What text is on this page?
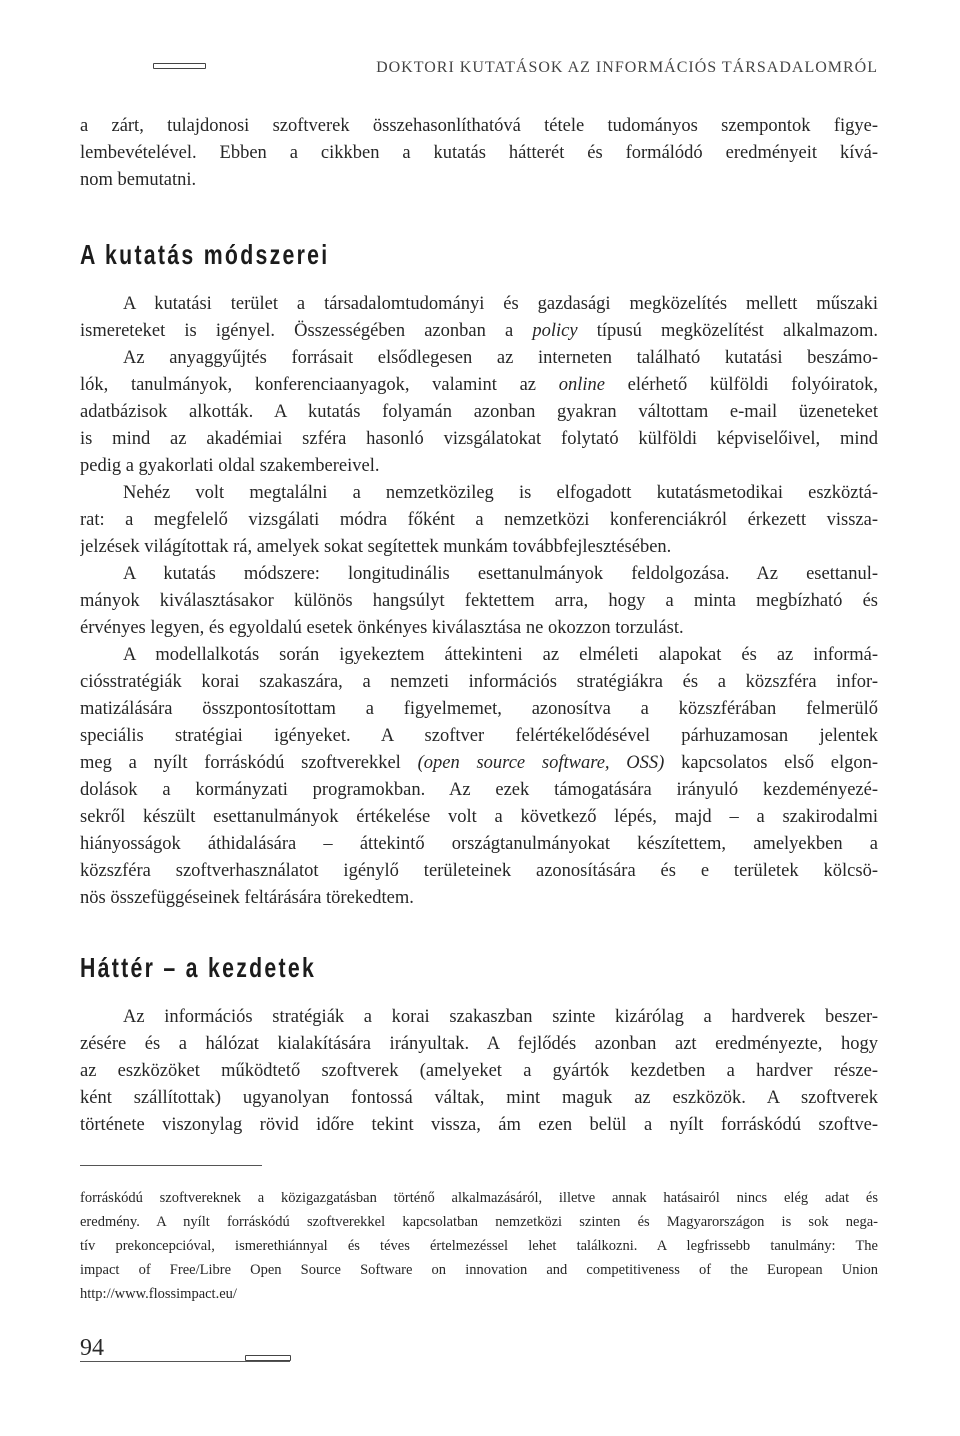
DOKTORI KUTATÁSOK AZ INFORMÁCIÓS TÁRSADALOMRÓL
a zárt, tulajdonosi szoftverek összehasonlíthatóvá tétele tudományos szempontok figye-
lembevételével. Ebben a cikkben a kutatás hátterét és formálódó eredményeit kívá-
nom bemutatni.
A kutatás módszerei
A kutatási terület a társadalomtudományi és gazdasági megközelítés mellett műszaki
ismereteket is igényel. Összességében azonban a policy típusú megközelítést alkalmazom.
Az anyaggyűjtés forrásait elsődlegesen az interneten található kutatási beszámo-
lók, tanulmányok, konferenciaanyagok, valamint az online elérhető külföldi folyóiratok,
adatbázisok alkották. A kutatás folyamán azonban gyakran váltottam e-mail üzeneteket
is mind az akadémiai szféra hasonló vizsgálatokat folytató külföldi képviselőivel, mind
pedig a gyakorlati oldal szakembereivel.
Nehéz volt megtalálni a nemzetközileg is elfogadott kutatásmetodikai eszköztá-
rat: a megfelelő vizsgálati módra főként a nemzetközi konferenciákról érkezett vissza-
jelzések világítottak rá, amelyek sokat segítettek munkám továbbfejlesztésében.
A kutatás módszere: longitudinális esettanulmányok feldolgozása. Az esettanul-
mányok kiválasztásakor különös hangsúlyt fektettem arra, hogy a minta megbízható és
érvényes legyen, és egyoldalú esetek önkényes kiválasztása ne okozzon torzulást.
A modellalkotás során igyekeztem áttekinteni az elméleti alapokat és az informá-
ciósstratégiák korai szakaszára, a nemzeti információs stratégiákra és a közszféra infor-
matizálására összpontosítottam a figyelmemet, azonosítva a közszférában felmerülő
speciális stratégiai igényeket. A szoftver felértékelődésével párhuzamosan jelentek
meg a nyílt forráskódú szoftverekkel (open source software, OSS) kapcsolatos első elgon-
dolások a kormányzati programokban. Az ezek támogatására irányuló kezdeményezé-
sekről készült esettanulmányok értékelése volt a következő lépés, majd – a szakirodalmi
hiányosságok áthidalására – áttekintő országtanulmányokat készítettem, amelyekben a
közszféra szoftverhasználatot igénylő területeinek azonosítására és e területek kölcsö-
nös összefüggéseinek feltárására törekedtem.
Háttér – a kezdetek
Az információs stratégiák a korai szakaszban szinte kizárólag a hardverek beszer-
zésére és a hálózat kialakítására irányultak. A fejlődés azonban azt eredményezte, hogy
az eszközöket működtető szoftverek (amelyeket a gyártók kezdetben a hardver része-
ként szállítottak) ugyanolyan fontossá váltak, mint maguk az eszközök. A szoftverek
története viszonylag rövid időre tekint vissza, ám ezen belül a nyílt forráskódú szoftve-
forráskódú szoftvereknek a közigazgatásban történő alkalmazásáról, illetve annak hatásairól nincs elég adat és
eredmény. A nyílt forráskódú szoftverekkel kapcsolatban nemzetközi szinten és Magyarországon is sok nega-
tív prekoncepcióval, ismerethiánnyal és téves értelmezéssel lehet találkozni. A legfrissebb tanulmány: The
impact of Free/Libre Open Source Software on innovation and competitiveness of the European Union
http://www.flossimpact.eu/
94
